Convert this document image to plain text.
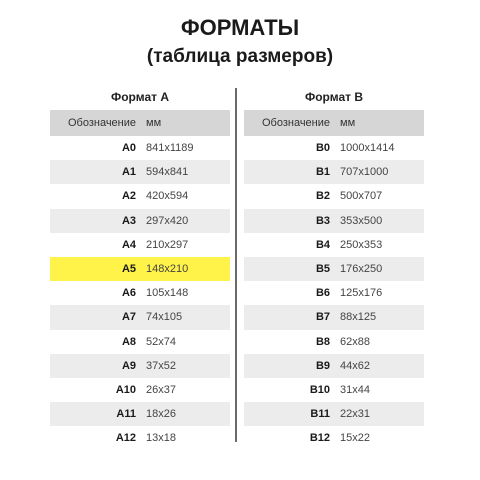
ФОРМАТЫ
(таблица размеров)
Формат A
Обозначение мм
A0 841x1189
A1 594x841
A2 420x594
A3 297x420
A4 210x297
A5 148x210
A6 105x148
A7 74x105
A8 52x74
A9 37x52
A10 26x37
A11 18x26
A12 13x18
Формат B
Обозначение мм
B0 1000x1414
B1 707x1000
B2 500x707
B3 353x500
B4 250x353
B5 176x250
B6 125x176
B7 88x125
B8 62x88
B9 44x62
B10 31x44
B11 22x31
B12 15x22
